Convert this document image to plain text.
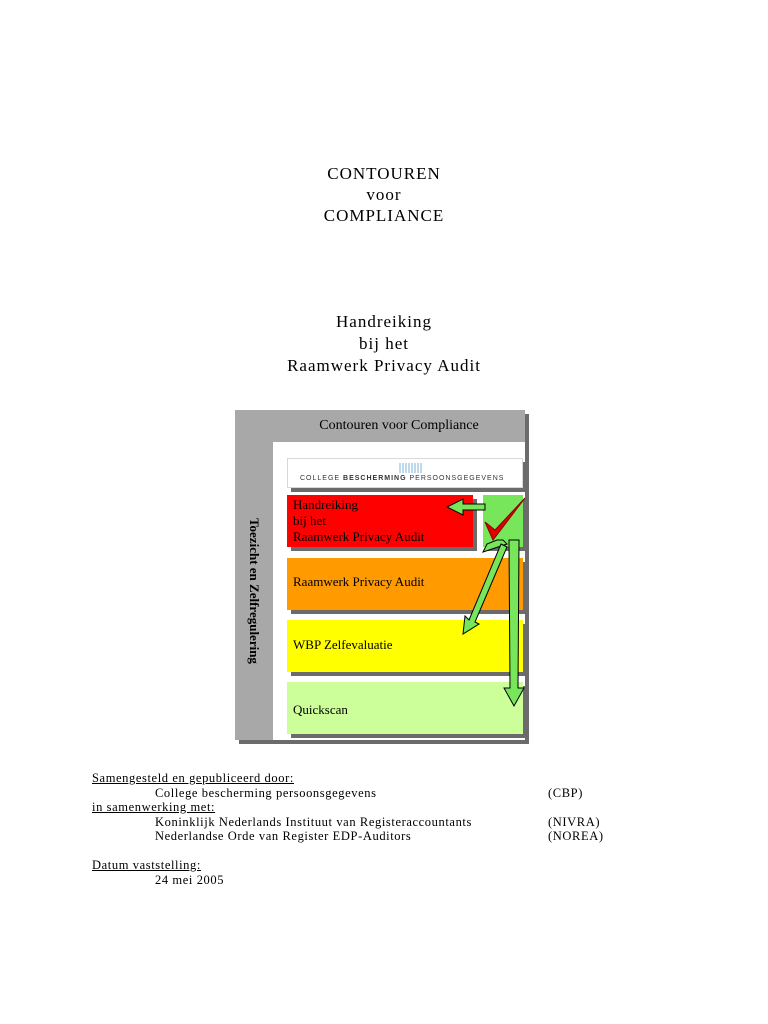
CONTOUREN
voor
COMPLIANCE
Handreiking
bij het
Raamwerk Privacy Audit
Contouren voor Compliance
Toezicht en Zelfregulering
COLLEGE BESCHERMING PERSOONSGEGEVENS
Handreiking
bij het
Raamwerk Privacy Audit
Raamwerk Privacy Audit
WBP Zelfevaluatie
Quickscan
Samengesteld en gepubliceerd door:
College bescherming persoonsgegevens	(CBP)
in samenwerking met:
Koninklijk Nederlands Instituut van Registeraccountants	(NIVRA)
Nederlandse Orde van Register EDP-Auditors	(NOREA)
Datum vaststelling:
24 mei 2005
